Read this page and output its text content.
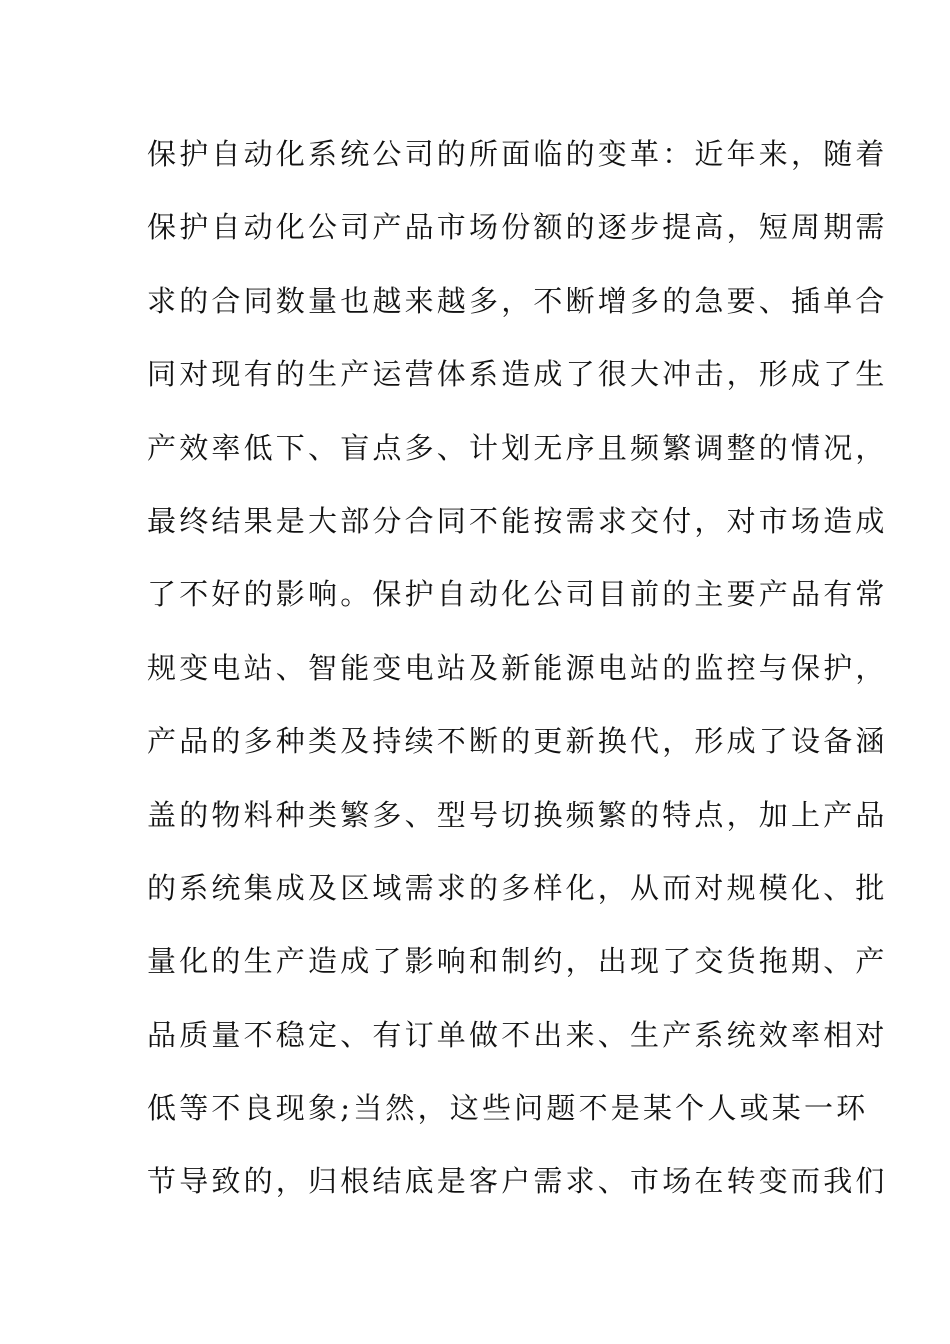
保护自动化系统公司的所面临的变革：近年来，随着
保护自动化公司产品市场份额的逐步提高，短周期需
求的合同数量也越来越多，不断增多的急要、插单合
同对现有的生产运营体系造成了很大冲击，形成了生
产效率低下、盲点多、计划无序且频繁调整的情况，
最终结果是大部分合同不能按需求交付，对市场造成
了不好的影响。保护自动化公司目前的主要产品有常
规变电站、智能变电站及新能源电站的监控与保护，
产品的多种类及持续不断的更新换代，形成了设备涵
盖的物料种类繁多、型号切换频繁的特点，加上产品
的系统集成及区域需求的多样化，从而对规模化、批
量化的生产造成了影响和制约，出现了交货拖期、产
品质量不稳定、有订单做不出来、生产系统效率相对
低等不良现象;当然，这些问题不是某个人或某一环
节导致的，归根结底是客户需求、市场在转变而我们
